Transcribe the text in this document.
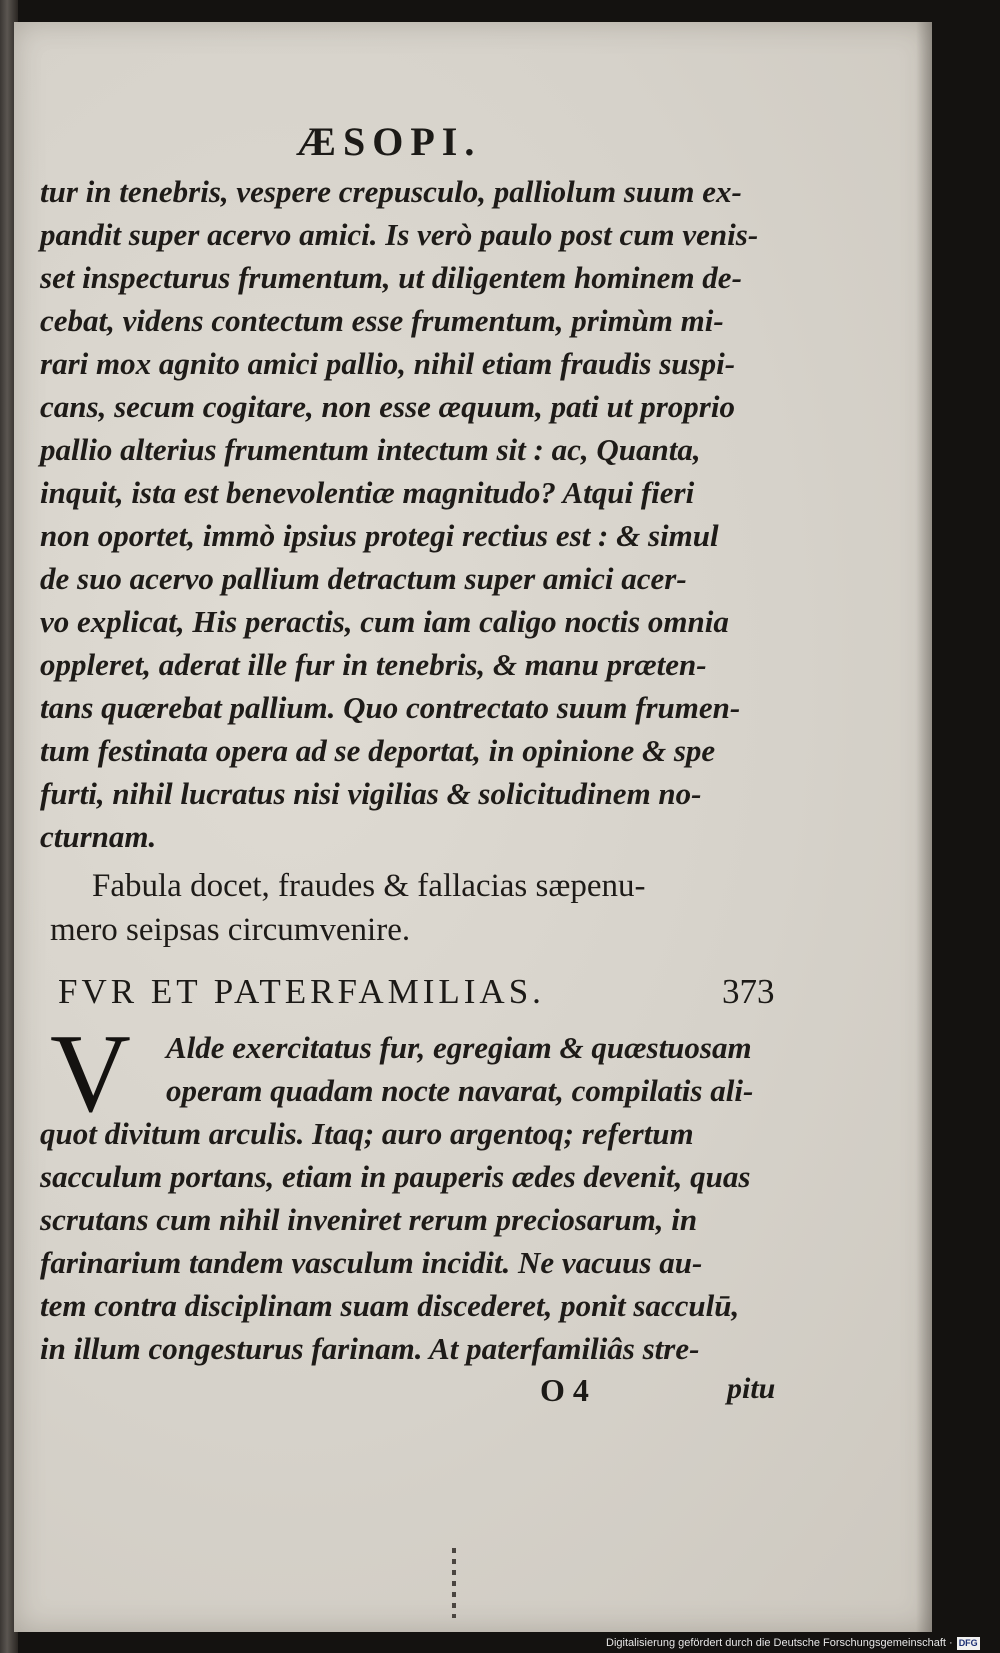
ÆSOPI.

tur in tenebris, vespere crepusculo, palliolum suum ex-

pandit super acervo amici. Is verò paulo post cum venis-

set inspecturus frumentum, ut diligentem hominem de-

cebat, videns contectum esse frumentum, primùm mi-

rari mox agnito amici pallio, nihil etiam fraudis suspi-

cans, secum cogitare, non esse æquum, pati ut proprio

pallio alterius frumentum intectum sit : ac, Quanta,

inquit, ista est benevolentiæ magnitudo? Atqui fieri

non oportet, immò ipsius protegi rectius est : & simul

de suo acervo pallium detractum super amici acer-

vo explicat, His peractis, cum iam caligo noctis omnia

oppleret, aderat ille fur in tenebris, & manu præten-

tans quærebat pallium. Quo contrectato suum frumen-

tum festinata opera ad se deportat, in opinione & spe

furti, nihil lucratus nisi vigilias & solicitudinem no-

cturnam.

Fabula docet, fraudes & fallacias sæpenu-

mero seipsas circumvenire.

FVR ET PATERFAMILIAS.	373
V Alde exercitatus fur, egregiam & quæstuosam

operam quadam nocte navarat, compilatis ali-

quot divitum arculis. Itaq; auro argentoq; refertum

sacculum portans, etiam in pauperis ædes devenit, quas

scrutans cum nihil inveniret rerum preciosarum, in

farinarium tandem vasculum incidit. Ne vacuus au-

tem contra disciplinam suam discederet, ponit sacculū,

in illum congesturus farinam. At paterfamiliâs stre-

O 4	pitu
Digitalisierung gefördert durch die Deutsche Forschungsgemeinschaft · DFG
